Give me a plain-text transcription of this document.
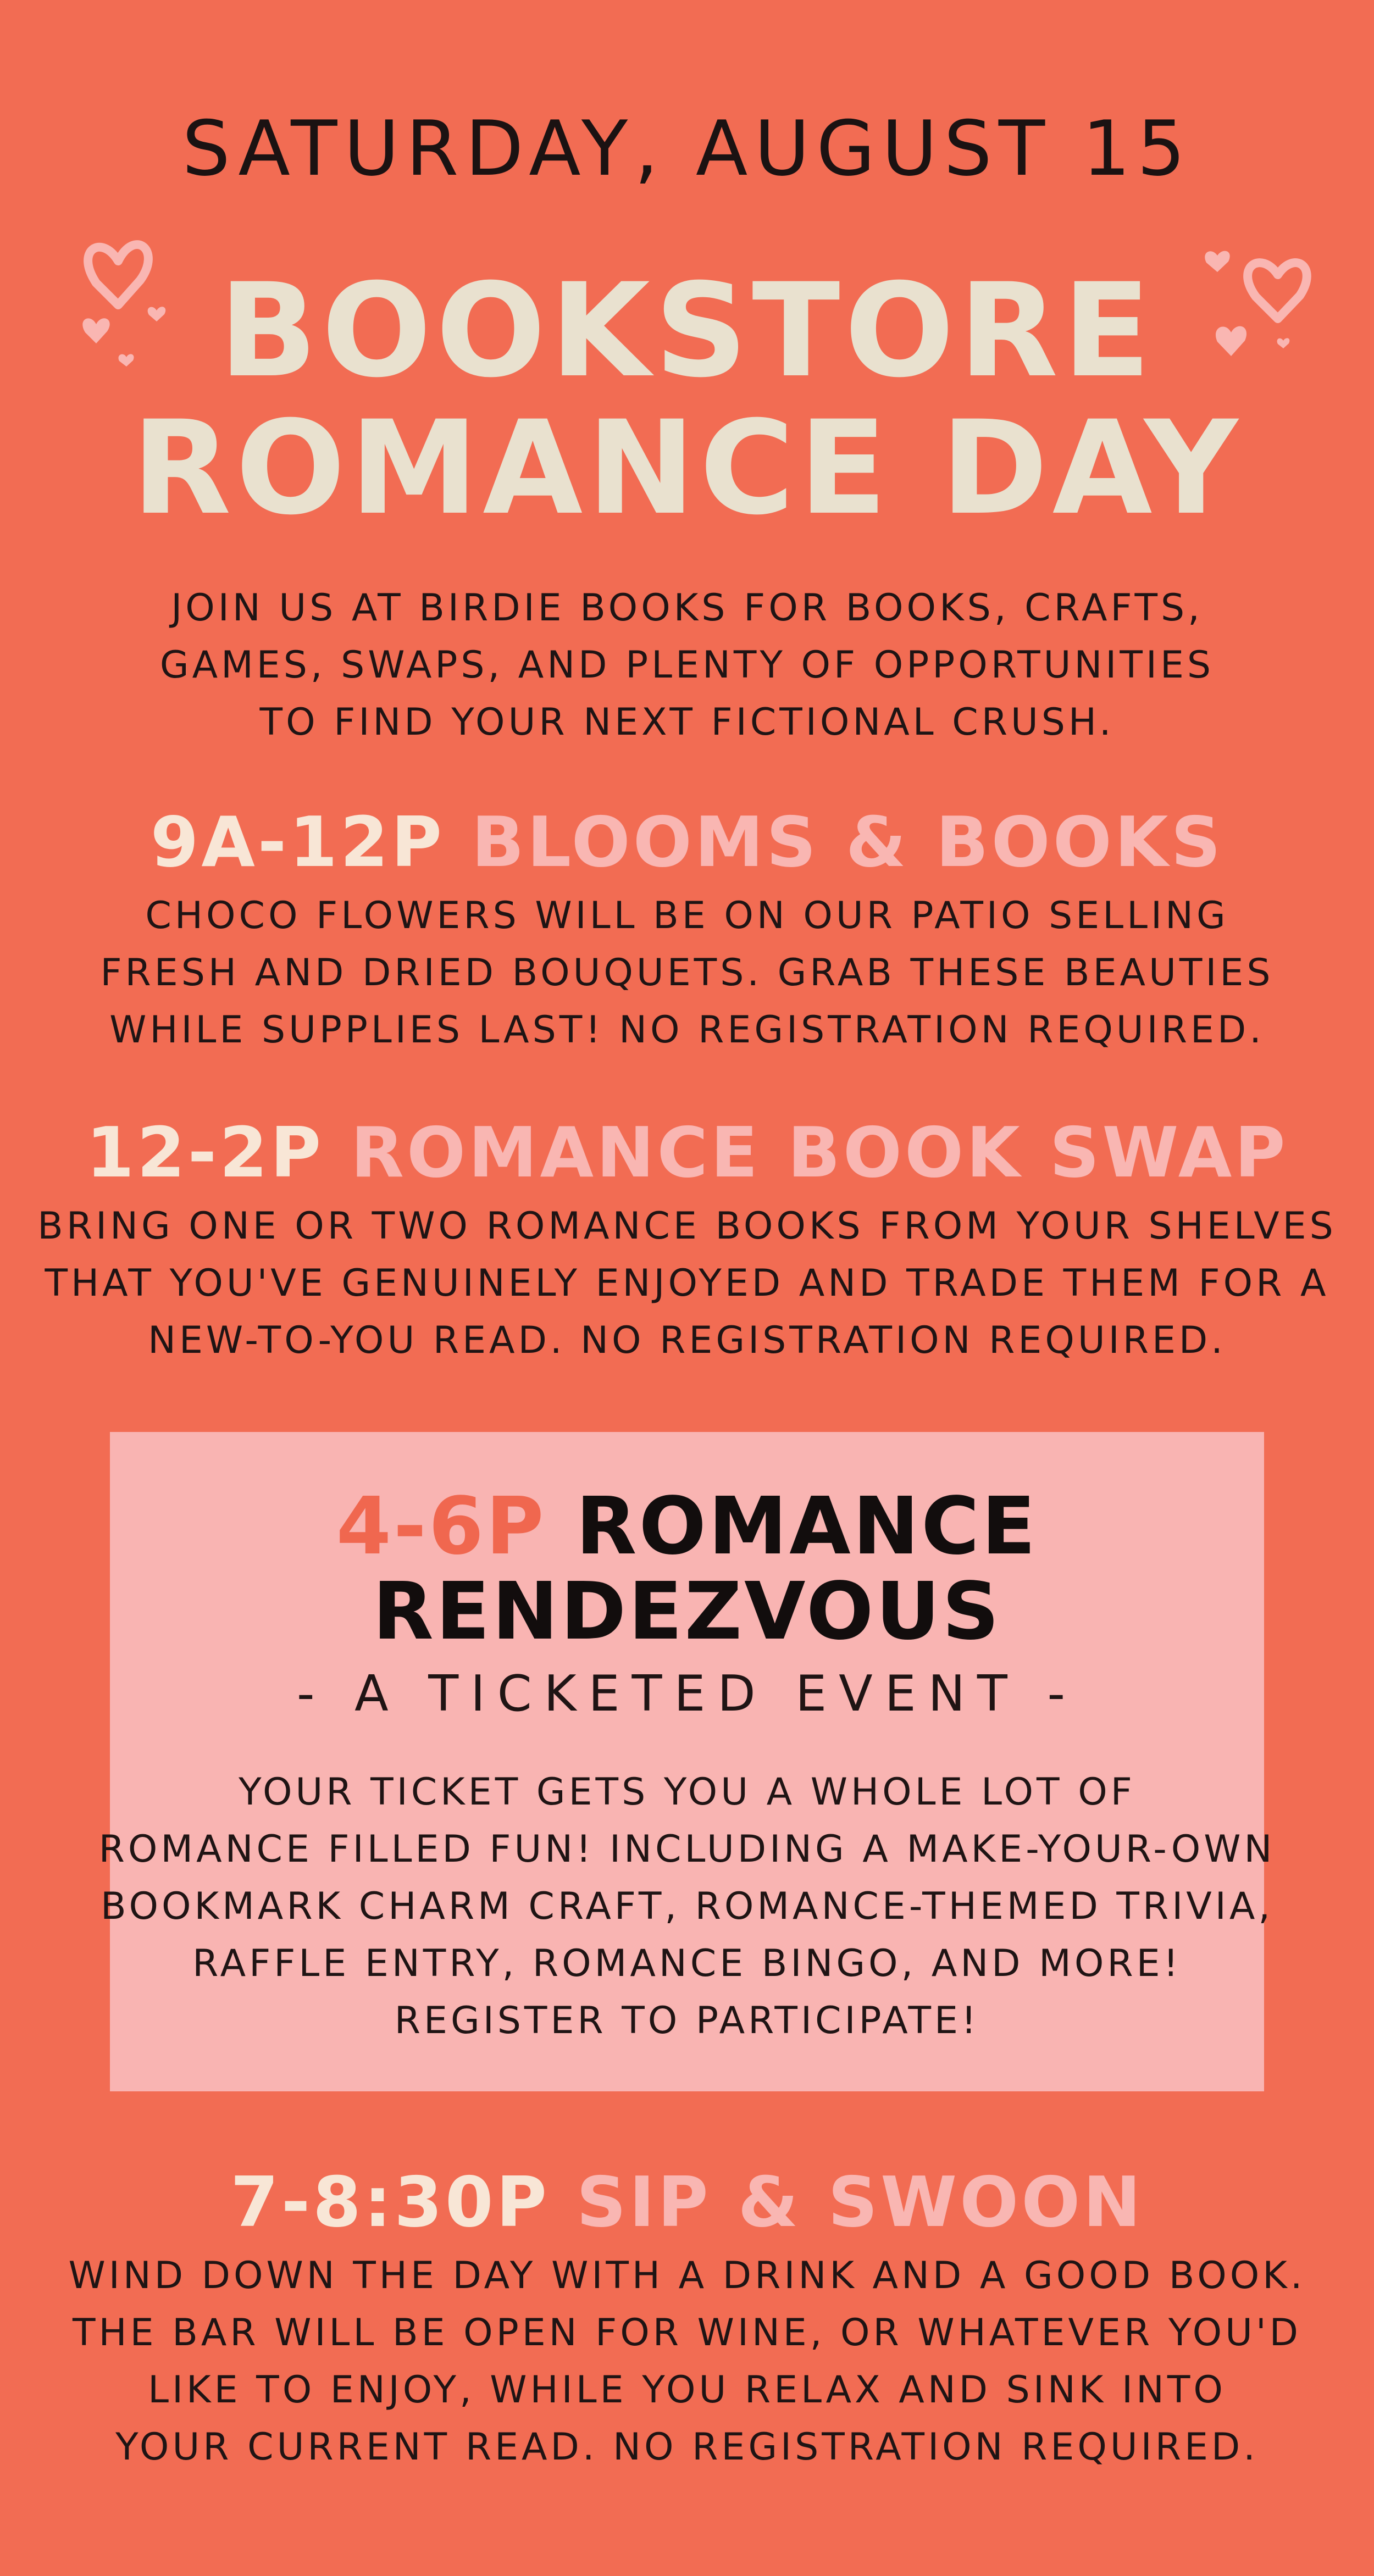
SATURDAY, AUGUST 15
BOOKSTORE
ROMANCE DAY
JOIN US AT BIRDIE BOOKS FOR BOOKS, CRAFTS,
GAMES, SWAPS, AND PLENTY OF OPPORTUNITIES
TO FIND YOUR NEXT FICTIONAL CRUSH.
9A-12P BLOOMS & BOOKS
CHOCO FLOWERS WILL BE ON OUR PATIO SELLING
FRESH AND DRIED BOUQUETS. GRAB THESE BEAUTIES
WHILE SUPPLIES LAST! NO REGISTRATION REQUIRED.
12-2P ROMANCE BOOK SWAP
BRING ONE OR TWO ROMANCE BOOKS FROM YOUR SHELVES
THAT YOU'VE GENUINELY ENJOYED AND TRADE THEM FOR A
NEW-TO-YOU READ. NO REGISTRATION REQUIRED.
4-6P ROMANCE
RENDEZVOUS
- A TICKETED EVENT -
YOUR TICKET GETS YOU A WHOLE LOT OF
ROMANCE FILLED FUN! INCLUDING A MAKE-YOUR-OWN
BOOKMARK CHARM CRAFT, ROMANCE-THEMED TRIVIA,
RAFFLE ENTRY, ROMANCE BINGO, AND MORE!
REGISTER TO PARTICIPATE!
7-8:30P SIP & SWOON
WIND DOWN THE DAY WITH A DRINK AND A GOOD BOOK.
THE BAR WILL BE OPEN FOR WINE, OR WHATEVER YOU'D
LIKE TO ENJOY, WHILE YOU RELAX AND SINK INTO
YOUR CURRENT READ. NO REGISTRATION REQUIRED.
